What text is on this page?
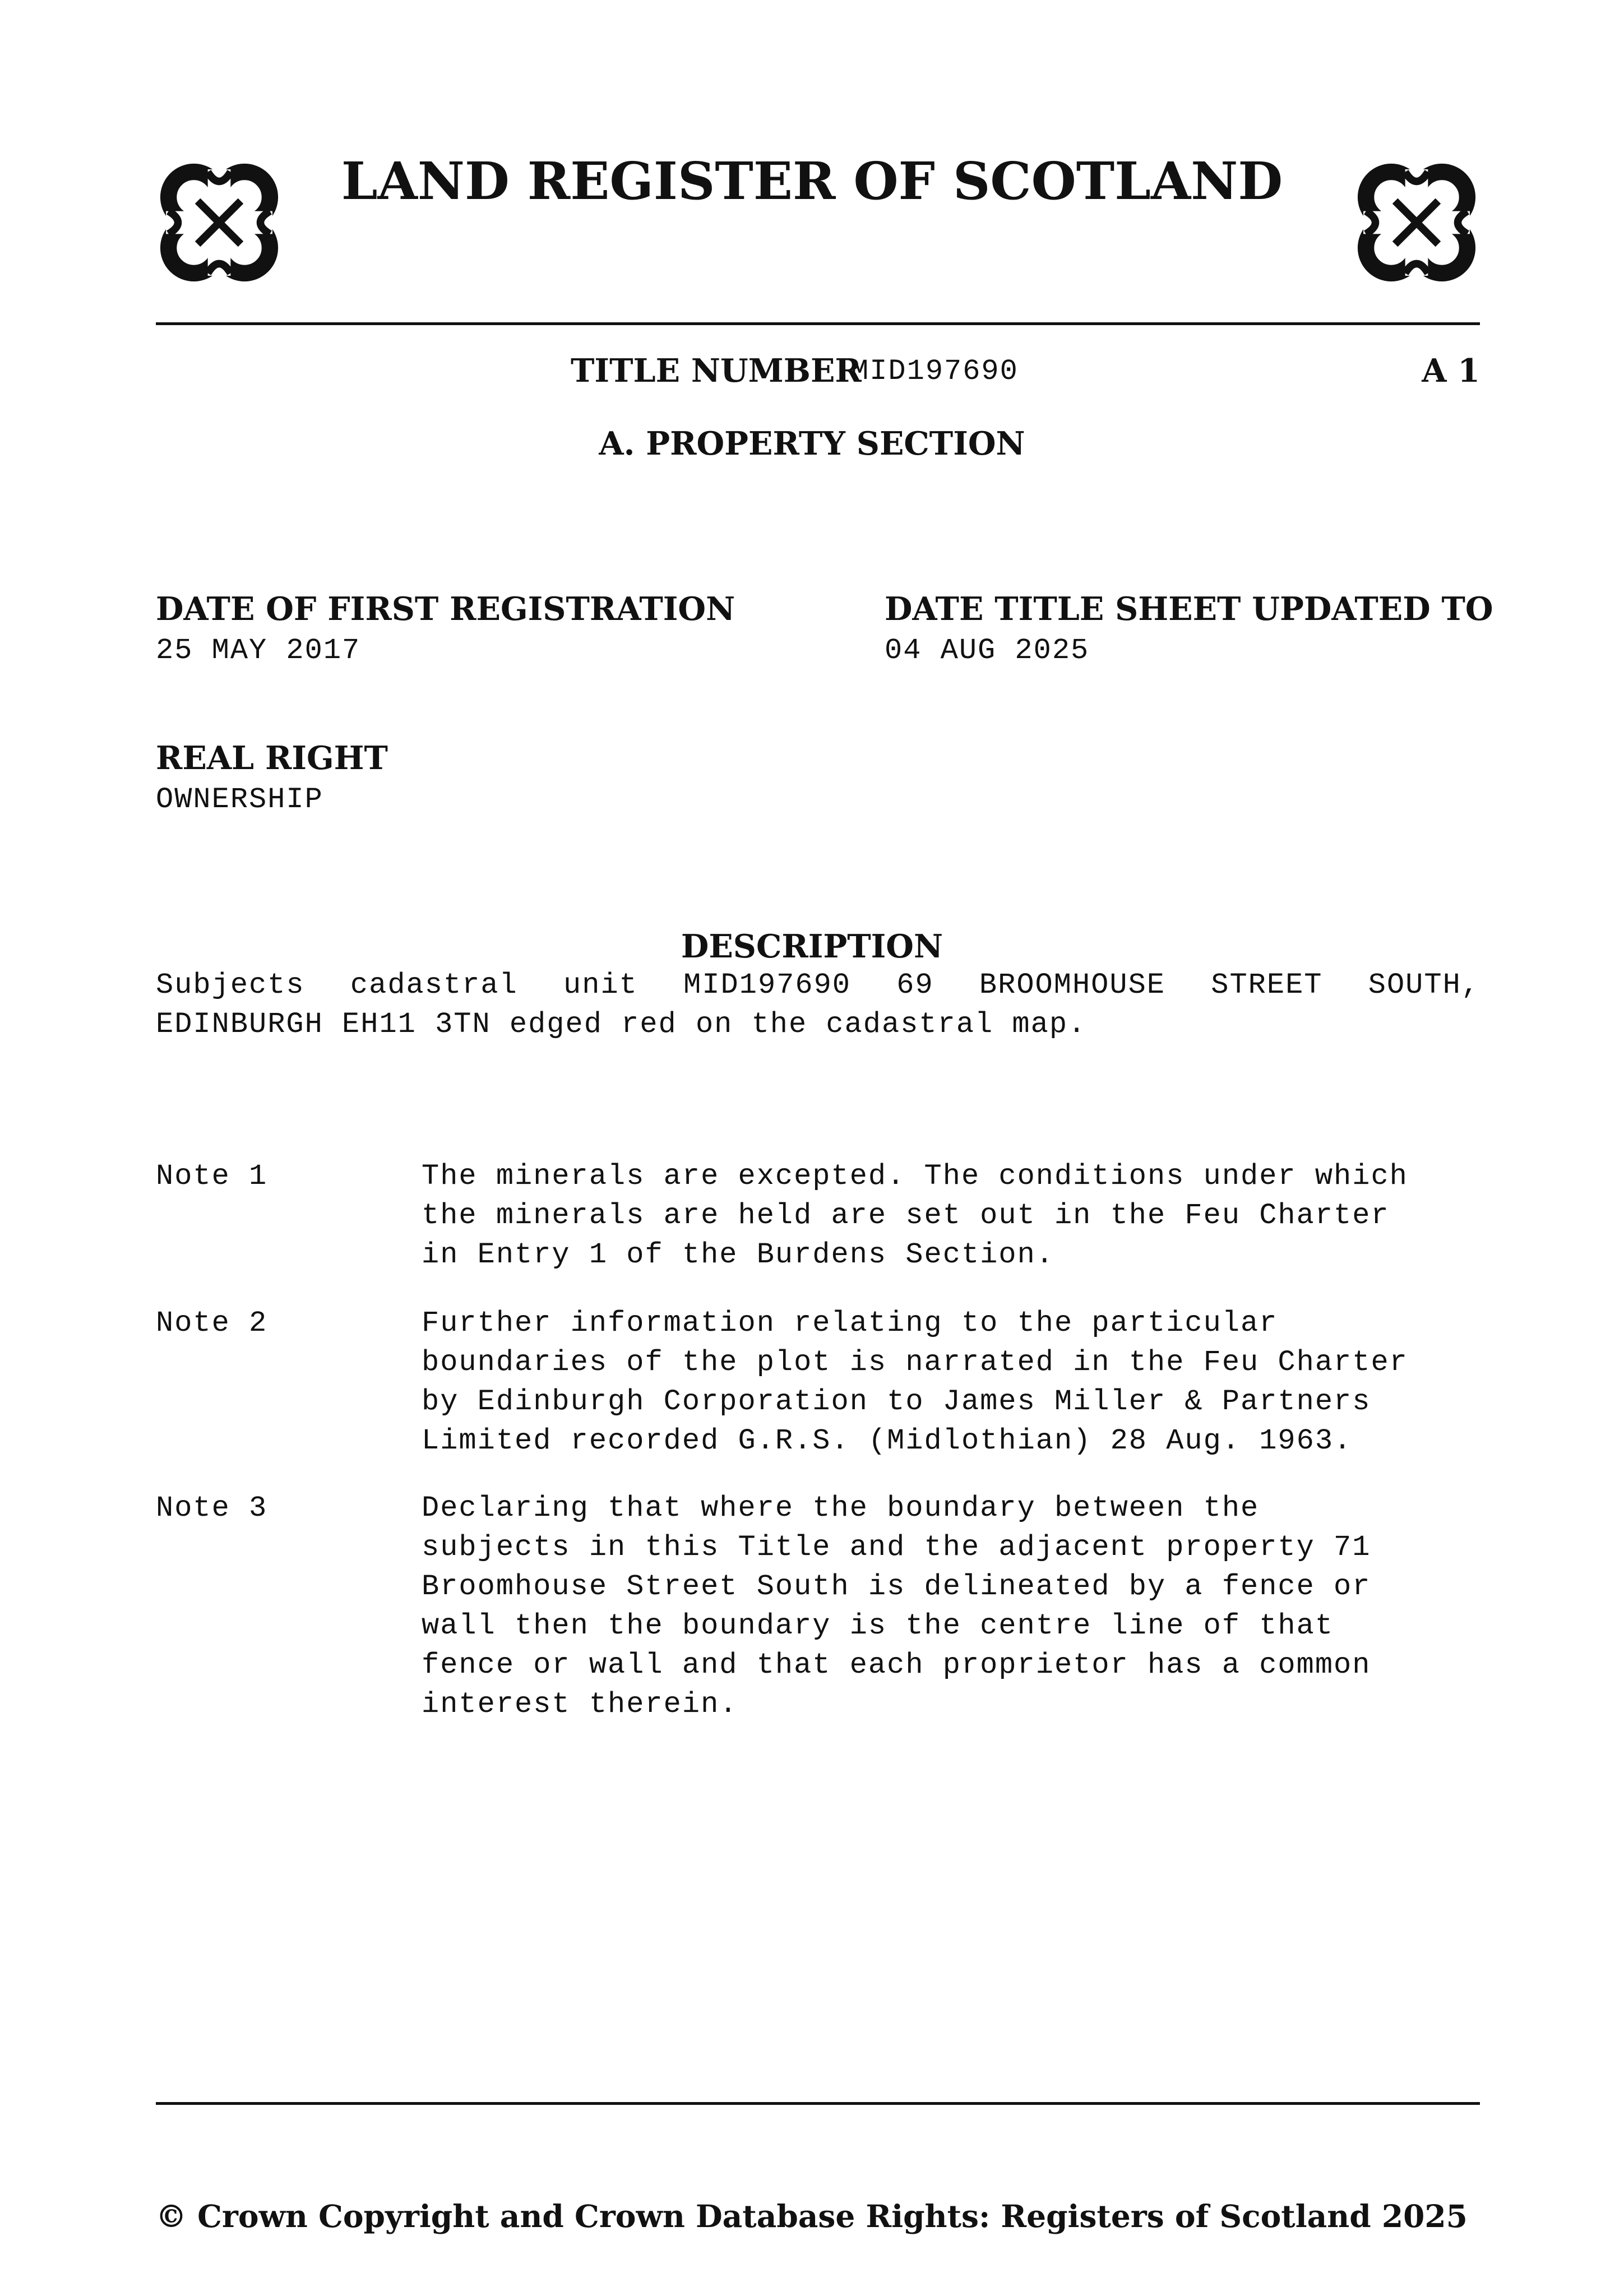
LAND REGISTER OF SCOTLAND
TITLE NUMBER
MID197690	A 1
A. PROPERTY SECTION
DATE OF FIRST REGISTRATION
25 MAY 2017
DATE TITLE SHEET UPDATED TO
04 AUG 2025
REAL RIGHT
OWNERSHIP
DESCRIPTION
Subjects cadastral unit MID197690 69 BROOMHOUSE STREET SOUTH,
EDINBURGH EH11 3TN edged red on the cadastral map.
Note 1	The minerals are excepted. The conditions under which
the minerals are held are set out in the Feu Charter
in Entry 1 of the Burdens Section.
Note 2	Further information relating to the particular
boundaries of the plot is narrated in the Feu Charter
by Edinburgh Corporation to James Miller & Partners
Limited recorded G.R.S. (Midlothian) 28 Aug. 1963.
Note 3	Declaring that where the boundary between the
subjects in this Title and the adjacent property 71
Broomhouse Street South is delineated by a fence or
wall then the boundary is the centre line of that
fence or wall and that each proprietor has a common
interest therein.
© Crown Copyright and Crown Database Rights: Registers of Scotland 2025
